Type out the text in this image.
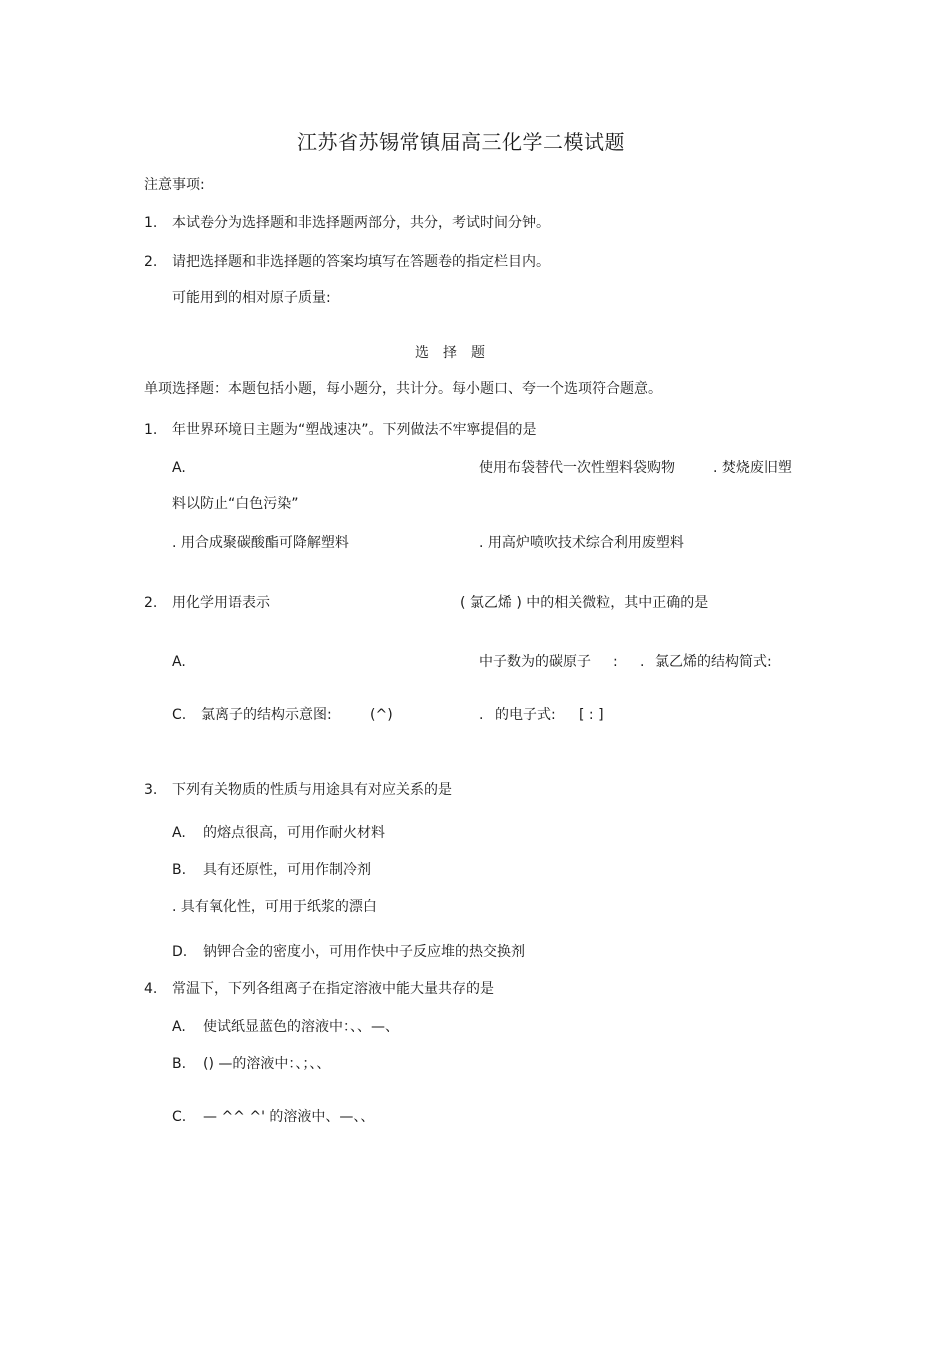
江苏省苏锡常镇届高三化学二模试题
注意事项:
1. 本试卷分为选择题和非选择题两部分，共分，考试时间分钟。
2. 请把选择题和非选择题的答案均填写在答题卷的指定栏目内。
可能用到的相对原子质量:
选择题
单项选择题：本题包括小题，每小题分，共计分。每小题口、夸一个选项符合题意。
1. 年世界环境日主题为“塑战速决”。下列做法不牢寧提倡的是
A.	使用布袋替代一次性塑料袋购物	. 焚烧废旧塑
料以防止“白色污染”
. 用合成聚碳酸酯可降解塑料	. 用高炉喷吹技术综合利用废塑料
2. 用化学用语表示	( 氯乙烯 ) 中的相关微粒，其中正确的是
A.	中子数为的碳原子 : . 氯乙烯的结构简式:
C. 氯离子的结构示意图:	(^)	. 的电子式: [ : ]
3. 下列有关物质的性质与用途具有对应关系的是
A. 的熔点很高，可用作耐火材料
B. 具有还原性，可用作制冷剂
. 具有氧化性，可用于纸浆的漂白
D. 钠钾合金的密度小，可用作快中子反应堆的热交换剂
4. 常温下，下列各组离子在指定溶液中能大量共存的是
A. 使试纸显蓝色的溶液中：、、—、
B. () —的溶液中：、；、、
C. — ^^ ^' 的溶液中、—、、
